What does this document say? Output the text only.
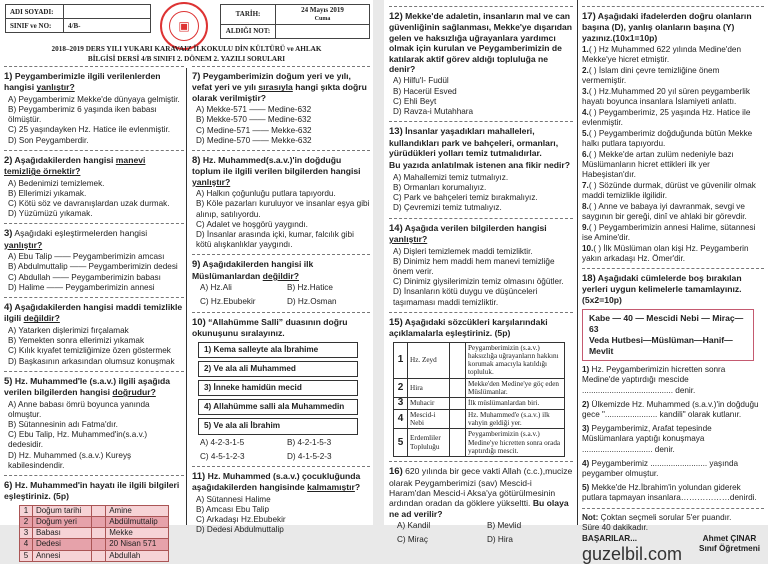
ADI SOYADI:	
SINIF ve NO:	4/B-	▣
TARİH:	24 Mayıs 2019
Cuma

ALDIĞI NOT:	
2018–2019 DERS YILI YUKARI KARAVAIZ İLKOKULU DİN KÜLTÜRÜ ve AHLAK
BİLGİSİ DERSİ 4/B SINIFI 2. DÖNEM 2. YAZILI SORULARI
1) Peygamberimizle ilgili verilenlerden hangisi yanlıştır?
A) Peygamberimiz Mekke'de dünyaya gelmiştir.
B) Peygamberimiz 6 yaşında iken babası ölmüştür.
C) 25 yaşındayken Hz. Hatice ile evlenmiştir.
D) Son Peygamberdir.
2) Aşağıdakilerden hangisi manevi temizliğe örnektir?
A) Bedenimizi temizlemek.
B) Ellerimizi yıkamak.
C) Kötü söz ve davranışlardan uzak durmak.
D) Yüzümüzü yıkamak.
3) Aşağıdaki eşleştirmelerden hangisi yanlıştır?
A) Ebu Talip —— Peygamberimizin amcası
B) Abdulmuttalip —— Peygamberimizin dedesi
C) Abdullah —— Peygamberimizin babası
D) Halime —— Peygamberimizin annesi
4) Aşağıdakilerden hangisi maddi temizlikle ilgili değildir?
A) Yatarken dişlerimizi fırçalamak
B) Yemekten sonra ellerimizi yıkamak
C) Kılık kıyafet temizliğimize özen göstermek
D) Başkasının arkasından olumsuz konuşmak
5) Hz. Muhammed'le (s.a.v.) ilgili aşağıda verilen bilgilerden hangisi doğrudur?
A) Anne babası ömrü boyunca yanında olmuştur.
B) Sütannesinin adı Fatma'dır.
C) Ebu Talip, Hz. Muhammed'in(s.a.v.) dedesidir.
D) Hz. Muhammed (s.a.v.) Kureyş kabilesindendir.
6) Hz. Muhammed'in hayatı ile ilgili bilgileri eşleştiriniz. (5p)
1	Doğum tarihi		Amine
2	Doğum yeri		Abdülmuttalip
3	Babası		Mekke
4	Dedesi		20 Nisan 571
5	Annesi		Abdullah
7) Peygamberimizin doğum yeri ve yılı, vefat yeri ve yılı sırasıyla hangi şıkta doğru olarak verilmiştir?
A) Mekke-571 —— Medine-632
B) Mekke-570 —— Medine-632
C) Medine-571 —— Mekke-632
D) Medine-570 —— Mekke-632
8) Hz. Muhammed(s.a.v.)'in doğduğu toplum ile ilgili verilen bilgilerden hangisi yanlıştır?
A) Halkın çoğunluğu putlara tapıyordu.
B) Köle pazarları kuruluyor ve insanlar eşya gibi alınıp, satılıyordu.
C) Adalet ve hoşgörü yaygındı.
D) İnsanlar arasında içki, kumar, falcılık gibi kötü alışkanlıklar yaygındı.
9) Aşağıdakilerden hangisi ilk Müslümanlardan değildir?
A) Hz.Ali	B) Hz.Hatice
C) Hz.Ebubekir	D) Hz.Osman
10) “Allahümme Salli” duasının doğru okunuşunu sıralayınız.
1) Kema salleyte ala İbrahime
2) Ve ala ali Muhammed
3) İnneke hamidün mecid
4) Allahümme salli ala Muhammedin
5) Ve ala ali İbrahim
A) 4-2-3-1-5	B) 4-2-1-5-3
C) 4-5-1-2-3	D) 4-1-5-2-3
11) Hz. Muhammed (s.a.v.) çocukluğunda aşağıdakilerden hangisinde kalmamıştır?
A) Sütannesi Halime
B) Amcası Ebu Talip
C) Arkadaşı Hz.Ebubekir
D) Dedesi Abdulmuttalip
12) Mekke'de adaletin, insanların mal ve can güvenliğinin sağlanması, Mekke'ye dışarıdan gelen ve haksızlığa uğrayanlara yardımcı olmak için kurulan ve Peygamberimizin de katılarak aktif görev aldığı topluluğa ne denir?
A) Hilfu'l- Fudül
B) Hacerül Esved
C) Ehli Beyt
D) Ravza-i Mutahhara
13) İnsanlar yaşadıkları mahalleleri, kullandıkları park ve bahçeleri, ormanları, yürüdükleri yolları temiz tutmalıdırlar.
Bu yazıda anlatılmak istenen ana fikir nedir?
A) Mahallemizi temiz tutmalıyız.
B) Ormanları korumalıyız.
C) Park ve bahçeleri temiz bırakmalıyız.
D) Çevremizi temiz tutmalıyız.
14) Aşağıda verilen bilgilerden hangisi yanlıştır?
A) Dişleri temizlemek maddi temizliktir.
B) Dinimiz hem maddi hem manevi temizliğe önem verir.
C) Dinimiz giysilerimizin temiz olmasını öğütler.
D) İnsanların kötü duygu ve düşünceleri taşımaması maddi temizliktir.
15) Aşağıdaki sözcükleri karşılarındaki açıklamalarla eşleştiriniz. (5p)
1	Hz. Zeyd		Peygamberimizin (s.a.v.) haksızlığa uğrayanların hakkını korumak amacıyla katıldığı topluluk.
2	Hira		Mekke'den Medine'ye göç eden Müslümanlar.
3	Muhacir		İlk müslümanlardan biri.
4	Mescid-i Nebi		Hz. Muhammed'e (s.a.v.) ilk vahyin geldiği yer.
5	Erdemliler Topluluğu		Peygamberimizin (s.a.v.) Medine'ye hicretten sonra orada yaptırdığı mescit.
16) 620 yılında bir gece vakti Allah (c.c.),mucize olarak Peygamberimizi (sav) Mescid-i Haram'dan Mescid-i Aksa'ya götürülmesinin ardından oradan da göklere yükseltti. Bu olaya ne ad verilir?
A) Kandil	B) Mevlid
C) Miraç	D) Hira
17) Aşağıdaki ifadelerden doğru olanların başına (D), yanlış olanların başına (Y) yazınız.(10x1=10p)
1.( ) Hz Muhammed 622 yılında Medine'den Mekke'ye hicret etmiştir.
2.( ) İslam dini çevre temizliğine önem vermemiştir.
3.( ) Hz.Muhammed 20 yıl süren peygamberlik hayatı boyunca insanlara İslamiyeti anlattı.
4.( ) Peygamberimiz, 25 yaşında Hz. Hatice ile evlenmiştir.
5.( ) Peygamberimiz doğduğunda bütün Mekke halkı putlara tapıyordu.
6.( ) Mekke'de artan zulüm nedeniyle bazı Müslümanların hicret ettikleri ilk yer Habeşistan'dır.
7.( ) Sözünde durmak, dürüst ve güvenilir olmak maddi temizlikle ilgilidir.
8.( ) Anne ve babaya iyi davranmak, sevgi ve saygının bir gereği, dinî ve ahlaki bir görevdir.
9.( ) Peygamberimizin annesi Halime, sütannesi ise Amine'dir.
10.( ) İlk Müslüman olan kişi Hz. Peygamberin yakın arkadaşı Hz. Ömer'dir.
18) Aşağıdaki cümlelerde boş bırakılan yerleri uygun kelimelerle tamamlayınız.(5x2=10p)
Kabe — 40 — Mescidi Nebi — Miraç—63
Veda Hutbesi—Müslüman—Hanif—Mevlit
1) Hz. Peygamberimizin hicretten sonra Medine'de yaptırdığı mescide ........................................ denir.
2) Ülkemizde Hz. Muhammed (s.a.v.)'in doğduğu gece "....................... kandili" olarak kutlanır.
3) Peygamberimiz, Arafat tepesinde Müslümanlara yaptığı konuşmaya ............................... denir.
4) Peygamberimiz ......................... yaşında peygamber olmuştur.
5) Mekke'de Hz.İbrahim'in yolundan giderek putlara tapmayan insanlara………………denirdi.
Not: Çoktan seçmeli sorular 5'er puandır.
Süre 40 dakikadır.
BAŞARILAR...
guzelbil.com
Ahmet ÇINAR
Sınıf Öğretmeni
